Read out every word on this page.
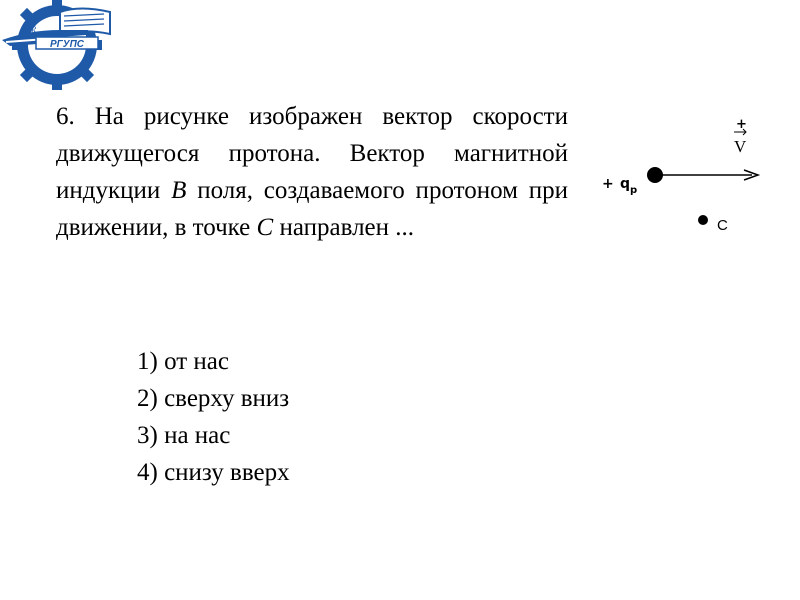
ß
РГУПС
РОСТОВ-НА-ДОНУ

6. На рисунке изображен вектор скорости движущегося протона. Вектор магнитной индукции B поля, создаваемого протоном при движении, в точке C направлен ...

1) от нас
2) сверху вниз
3) на нас
4) снизу вверх
+
V
+ q p
C
